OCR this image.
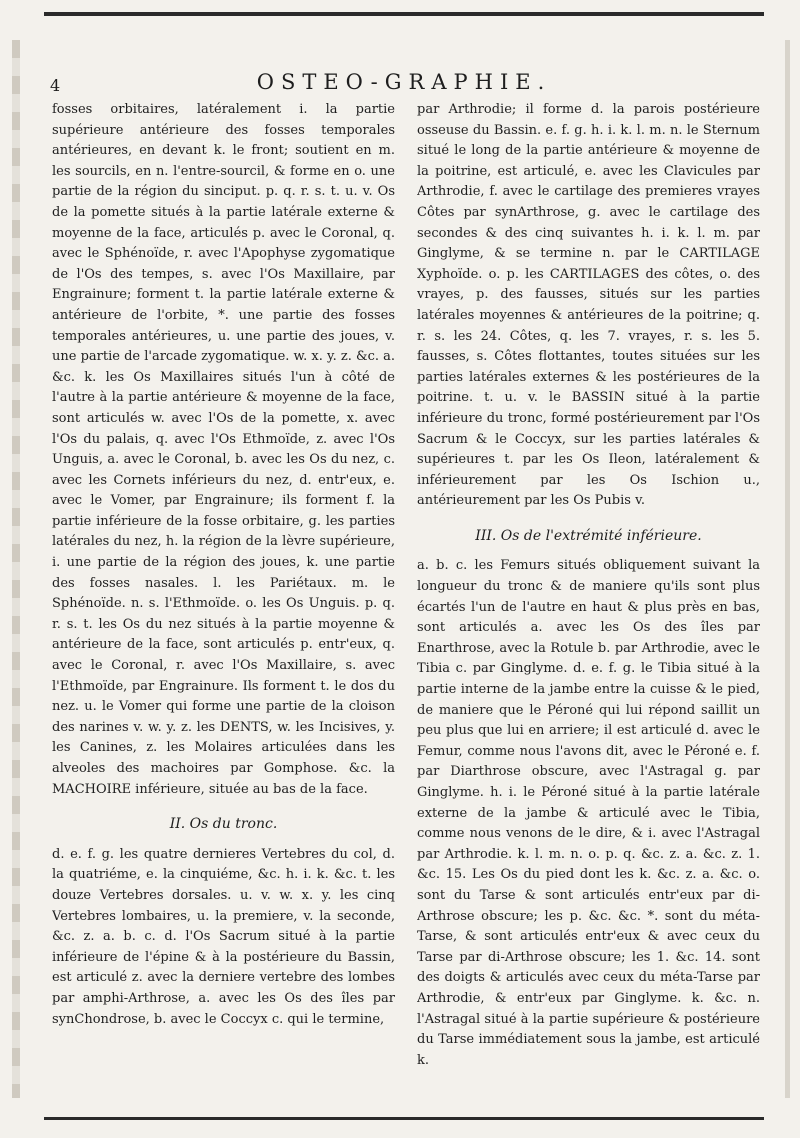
4	OSTEO-GRAPHIE.

fosses orbitaires, latéralement i. la partie supérieure antérieure des fosses temporales antérieures, en devant k. le front; soutient en m. les sourcils, en n. l'entre-sourcil, & forme en o. une partie de la région du sinciput. p. q. r. s. t. u. v. Os de la pomette situés à la partie latérale externe & moyenne de la face, articulés p. avec le Coronal, q. avec le Sphénoïde, r. avec l'Apophyse zygomatique de l'Os des tempes, s. avec l'Os Maxillaire, par Engrainure; forment t. la partie latérale externe & antérieure de l'orbite, *. une partie des fosses temporales antérieures, u. une partie des joues, v. une partie de l'arcade zygomatique. w. x. y. z. &c. a. &c. k. les Os Maxillaires situés l'un à côté de l'autre à la partie antérieure & moyenne de la face, sont articulés w. avec l'Os de la pomette, x. avec l'Os du palais, q. avec l'Os Ethmoïde, z. avec l'Os Unguis, a. avec le Coronal, b. avec les Os du nez, c. avec les Cornets inférieurs du nez, d. entr'eux, e. avec le Vomer, par Engrainure; ils forment f. la partie inférieure de la fosse orbitaire, g. les parties latérales du nez, h. la région de la lèvre supérieure, i. une partie de la région des joues, k. une partie des fosses nasales. l. les Pariétaux. m. le Sphénoïde. n. s. l'Ethmoïde. o. les Os Unguis. p. q. r. s. t. les Os du nez situés à la partie moyenne & antérieure de la face, sont articulés p. entr'eux, q. avec le Coronal, r. avec l'Os Maxillaire, s. avec l'Ethmoïde, par Engrainure. Ils forment t. le dos du nez. u. le Vomer qui forme une partie de la cloison des narines v. w. y. z. les DENTS, w. les Incisives, y. les Canines, z. les Molaires articulées dans les alveoles des machoires par Gomphose. &c. la MACHOIRE inférieure, située au bas de la face.

II. Os du tronc.

d. e. f. g. les quatre dernieres Vertebres du col, d. la quatriéme, e. la cinquiéme, &c. h. i. k. &c. t. les douze Vertebres dorsales. u. v. w. x. y. les cinq Vertebres lombaires, u. la premiere, v. la seconde, &c. z. a. b. c. d. l'Os Sacrum situé à la partie inférieure de l'épine & à la postérieure du Bassin, est articulé z. avec la derniere vertebre des lombes par amphi-Arthrose, a. avec les Os des îles par synChondrose, b. avec le Coccyx c. qui le termine,

par Arthrodie; il forme d. la parois postérieure osseuse du Bassin. e. f. g. h. i. k. l. m. n. le Sternum situé le long de la partie antérieure & moyenne de la poitrine, est articulé, e. avec les Clavicules par Arthrodie, f. avec le cartilage des premieres vrayes Côtes par synArthrose, g. avec le cartilage des secondes & des cinq suivantes h. i. k. l. m. par Ginglyme, & se termine n. par le CARTILAGE Xyphoïde. o. p. les CARTILAGES des côtes, o. des vrayes, p. des fausses, situés sur les parties latérales moyennes & antérieures de la poitrine; q. r. s. les 24. Côtes, q. les 7. vrayes, r. s. les 5. fausses, s. Côtes flottantes, toutes situées sur les parties latérales externes & les postérieures de la poitrine. t. u. v. le BASSIN situé à la partie inférieure du tronc, formé postérieurement par l'Os Sacrum & le Coccyx, sur les parties latérales & supérieures t. par les Os Ileon, latéralement & inférieurement par les Os Ischion u., antérieurement par les Os Pubis v.

III. Os de l'extrémité inférieure.

a. b. c. les Femurs situés obliquement suivant la longueur du tronc & de maniere qu'ils sont plus écartés l'un de l'autre en haut & plus près en bas, sont articulés a. avec les Os des îles par Enarthrose, avec la Rotule b. par Arthrodie, avec le Tibia c. par Ginglyme. d. e. f. g. le Tibia situé à la partie interne de la jambe entre la cuisse & le pied, de maniere que le Péroné qui lui répond saillit un peu plus que lui en arriere; il est articulé d. avec le Femur, comme nous l'avons dit, avec le Péroné e. f. par Diarthrose obscure, avec l'Astragal g. par Ginglyme. h. i. le Péroné situé à la partie latérale externe de la jambe & articulé avec le Tibia, comme nous venons de le dire, & i. avec l'Astragal par Arthrodie. k. l. m. n. o. p. q. &c. z. a. &c. z. 1. &c. 15. Les Os du pied dont les k. &c. z. a. &c. o. sont du Tarse & sont articulés entr'eux par di-Arthrose obscure; les p. &c. &c. *. sont du méta-Tarse, & sont articulés entr'eux & avec ceux du Tarse par di-Arthrose obscure; les 1. &c. 14. sont des doigts & articulés avec ceux du méta-Tarse par Arthrodie, & entr'eux par Ginglyme. k. &c. n. l'Astragal situé à la partie supérieure & postérieure du Tarse immédiatement sous la jambe, est articulé k.
